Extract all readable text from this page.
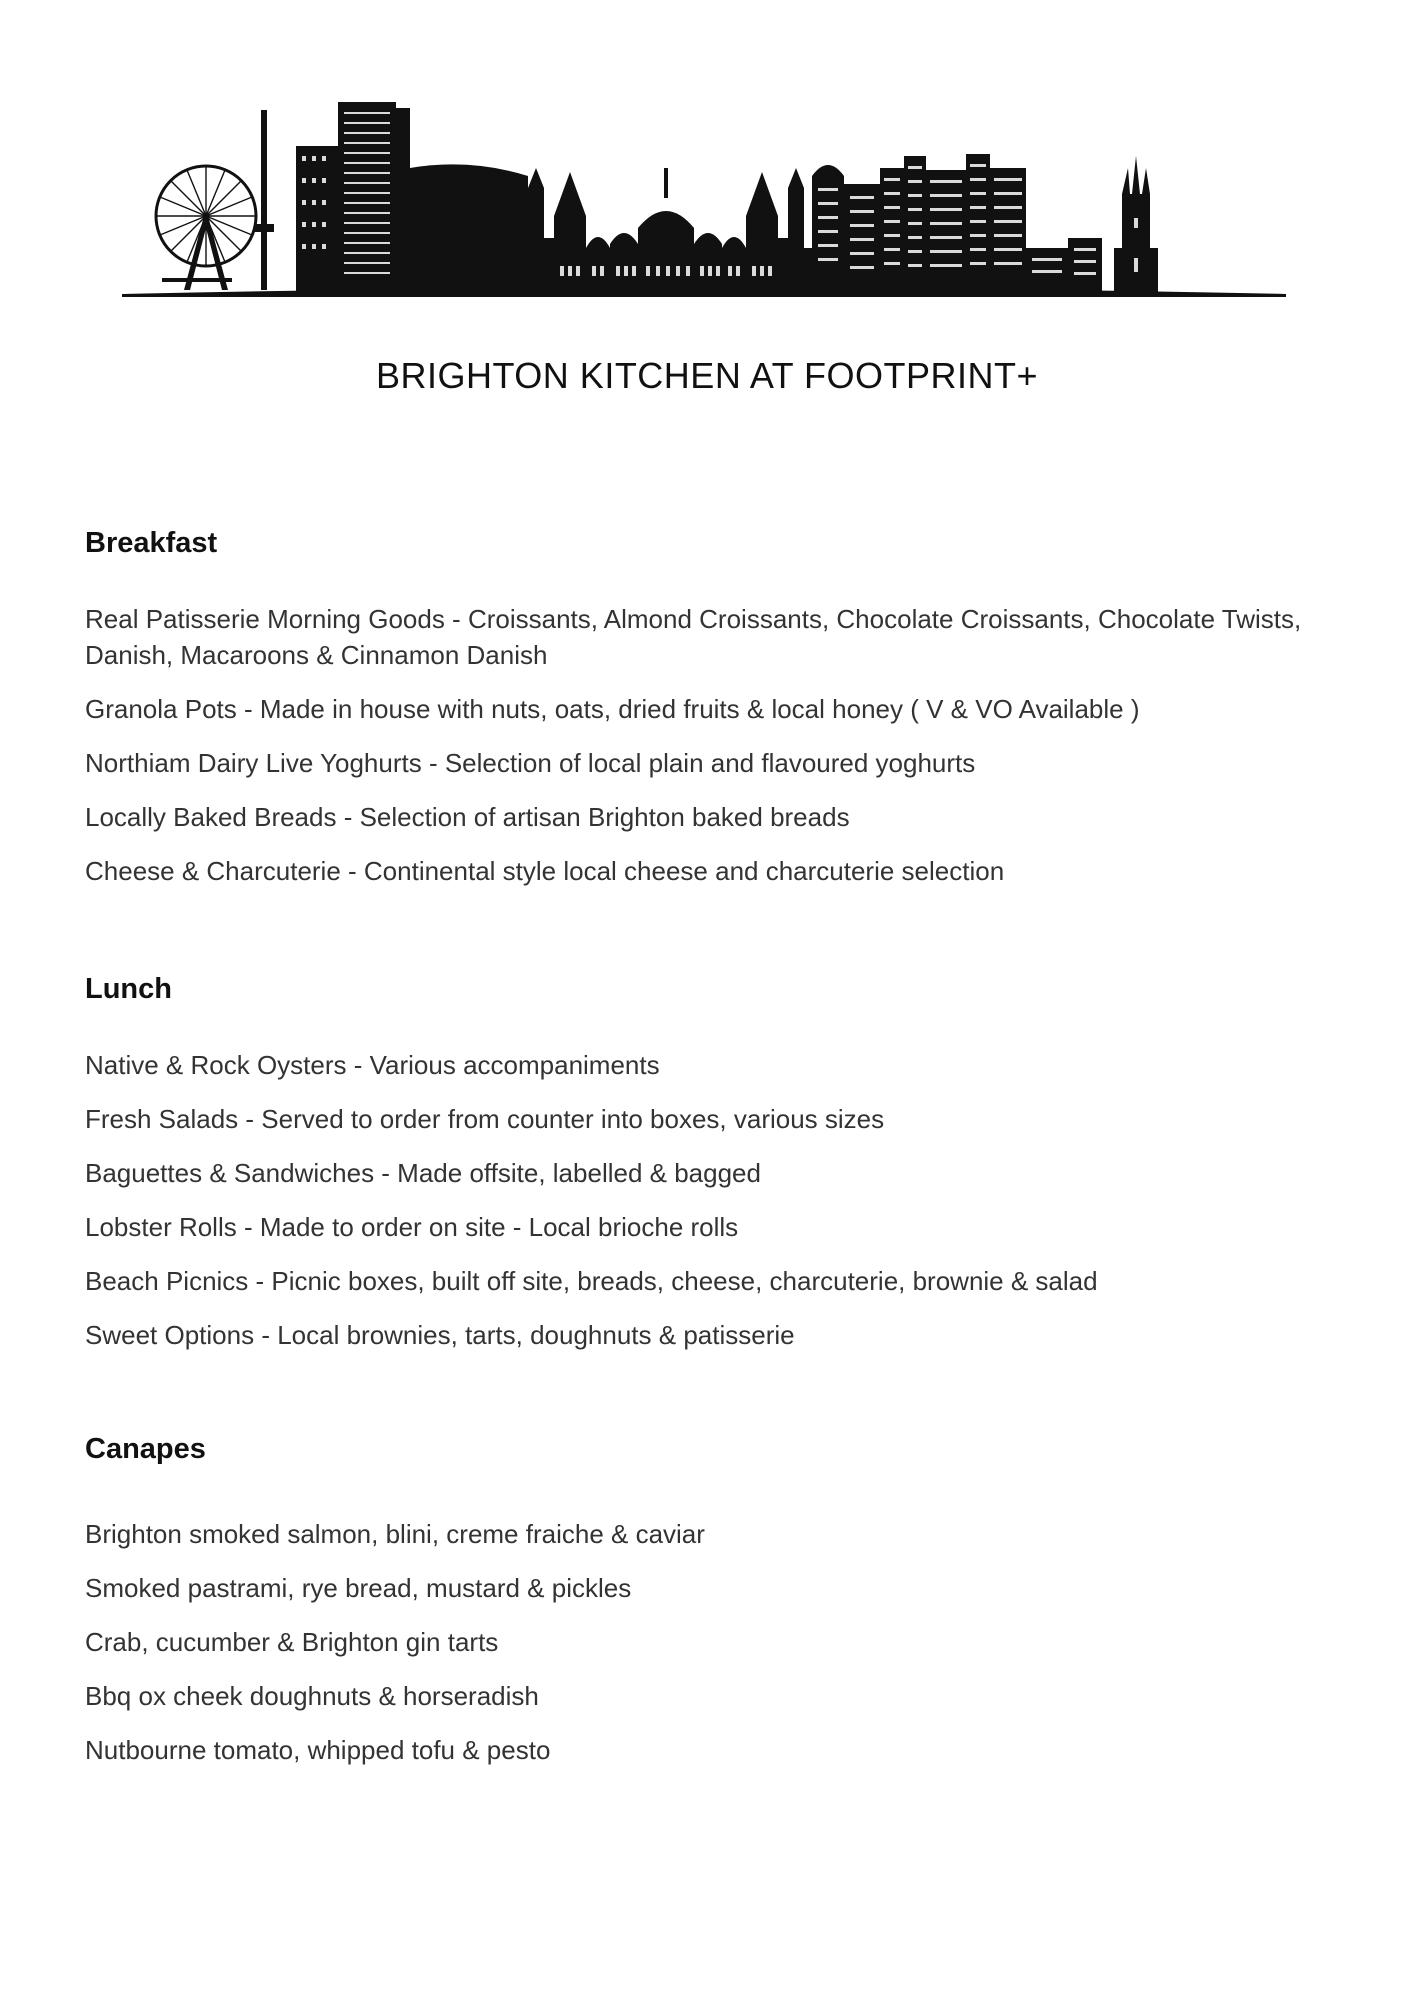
BRIGHTON KITCHEN AT FOOTPRINT+
Breakfast
Real Patisserie Morning Goods - Croissants, Almond Croissants, Chocolate Croissants, Chocolate Twists, Danish, Macaroons & Cinnamon Danish
Granola Pots - Made in house with nuts, oats, dried fruits & local honey ( V & VO Available )
Northiam Dairy Live Yoghurts - Selection of local plain and flavoured yoghurts
Locally Baked Breads - Selection of artisan Brighton baked breads
Cheese & Charcuterie - Continental style local cheese and charcuterie selection
Lunch
Native & Rock Oysters - Various accompaniments
Fresh Salads - Served to order from counter into boxes, various sizes
Baguettes & Sandwiches - Made offsite, labelled & bagged
Lobster Rolls - Made to order on site - Local brioche rolls
Beach Picnics - Picnic boxes, built off site, breads, cheese, charcuterie, brownie & salad
Sweet Options - Local brownies, tarts, doughnuts & patisserie
Canapes
Brighton smoked salmon, blini, creme fraiche & caviar
Smoked pastrami, rye bread, mustard & pickles
Crab, cucumber & Brighton gin tarts
Bbq ox cheek doughnuts & horseradish
Nutbourne tomato, whipped tofu & pesto
